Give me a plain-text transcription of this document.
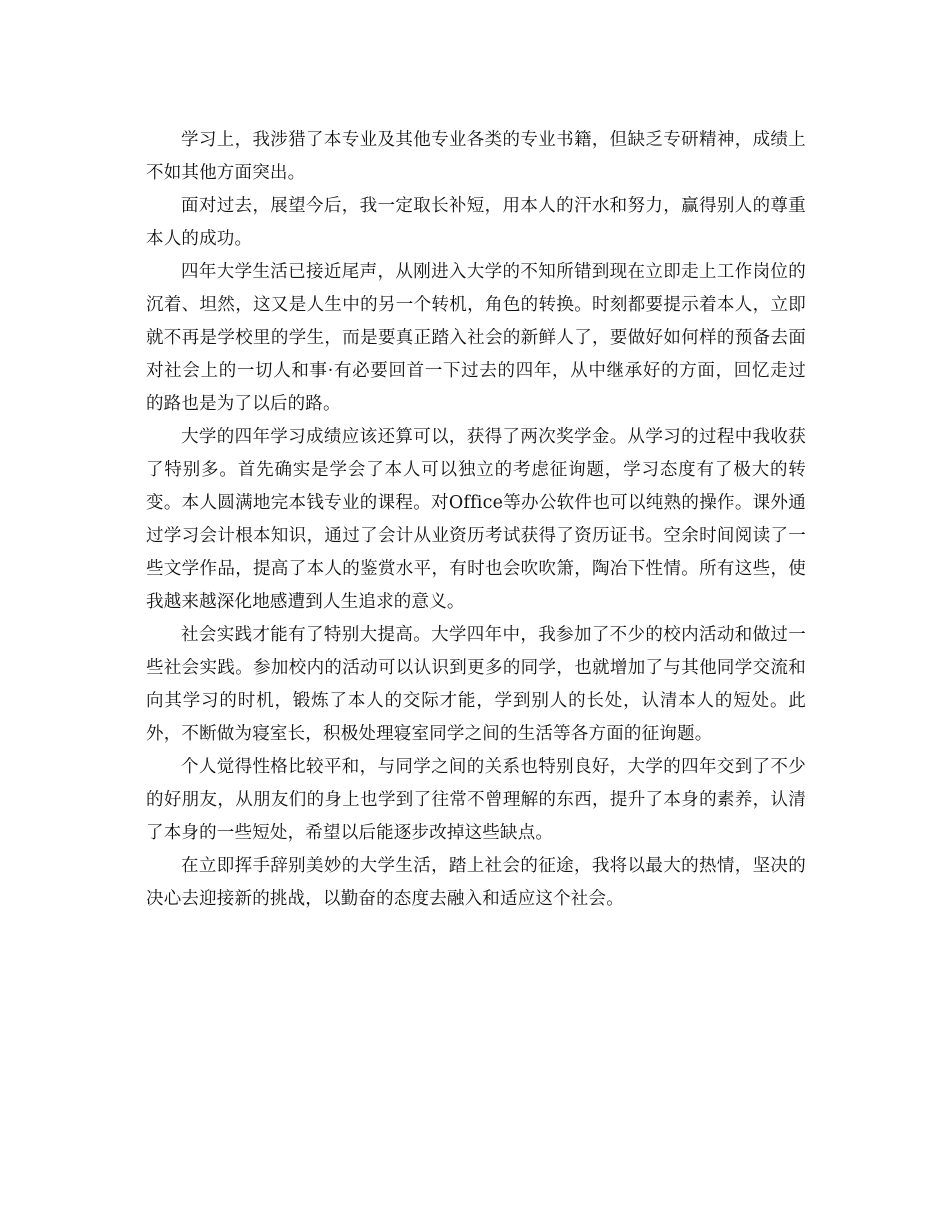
学习上，我涉猎了本专业及其他专业各类的专业书籍，但缺乏专研精神，成绩上不如其他方面突出。

面对过去，展望今后，我一定取长补短，用本人的汗水和努力，赢得别人的尊重本人的成功。

四年大学生活已接近尾声，从刚进入大学的不知所错到现在立即走上工作岗位的沉着、坦然，这又是人生中的另一个转机，角色的转换。时刻都要提示着本人，立即就不再是学校里的学生，而是要真正踏入社会的新鲜人了，要做好如何样的预备去面对社会上的一切人和事·有必要回首一下过去的四年，从中继承好的方面，回忆走过的路也是为了以后的路。

大学的四年学习成绩应该还算可以，获得了两次奖学金。从学习的过程中我收获了特别多。首先确实是学会了本人可以独立的考虑征询题，学习态度有了极大的转变。本人圆满地完本钱专业的课程。对Office等办公软件也可以纯熟的操作。课外通过学习会计根本知识，通过了会计从业资历考试获得了资历证书。空余时间阅读了一些文学作品，提高了本人的鉴赏水平，有时也会吹吹箫，陶冶下性情。所有这些，使我越来越深化地感遭到人生追求的意义。

社会实践才能有了特别大提高。大学四年中，我参加了不少的校内活动和做过一些社会实践。参加校内的活动可以认识到更多的同学，也就增加了与其他同学交流和向其学习的时机，锻炼了本人的交际才能，学到别人的长处，认清本人的短处。此外，不断做为寝室长，积极处理寝室同学之间的生活等各方面的征询题。

个人觉得性格比较平和，与同学之间的关系也特别良好，大学的四年交到了不少的好朋友，从朋友们的身上也学到了往常不曾理解的东西，提升了本身的素养，认清了本身的一些短处，希望以后能逐步改掉这些缺点。

在立即挥手辞别美妙的大学生活，踏上社会的征途，我将以最大的热情，坚决的决心去迎接新的挑战，以勤奋的态度去融入和适应这个社会。
